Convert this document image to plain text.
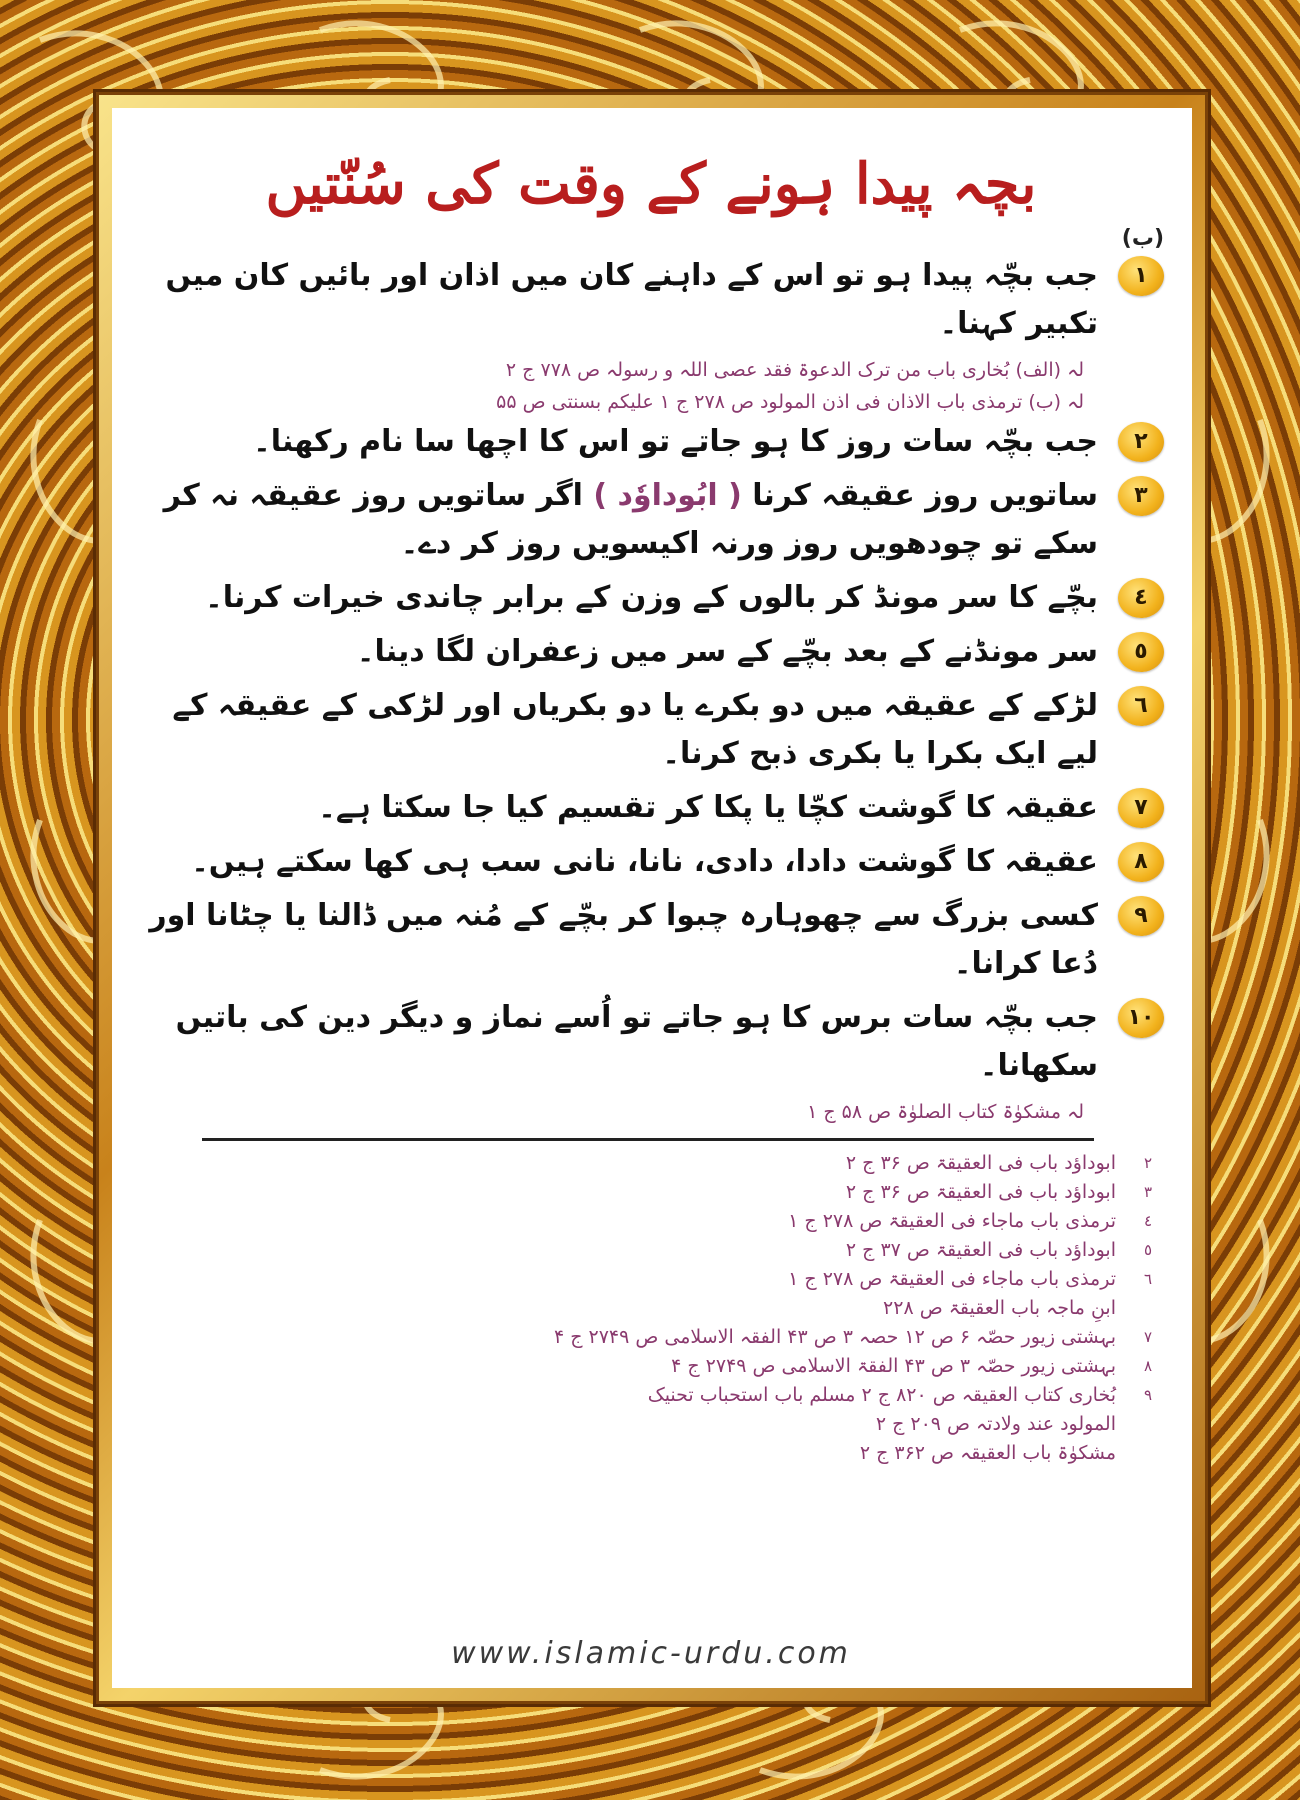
بچہ پیدا ہونے کے وقت کی سُنّتیں
(ب)
١
جب بچّہ پیدا ہو تو اس کے داہنے کان میں اذان اور بائیں کان میں تکبیر کہنا۔
لہ (الف) بُخاری باب من ترک الدعوۃ فقد عصی اللہ و رسولہ ص ۷۷۸ ج ۲
لہ (ب) ترمذی باب الاذان فی اذن المولود ص ۲۷۸ ج ۱ علیکم بسنتی ص ۵۵
٢
جب بچّہ سات روز کا ہو جاتے تو اس کا اچھا سا نام رکھنا۔
٣
ساتویں روز عقیقہ کرنا ( ابُوداوٗد ) اگر ساتویں روز عقیقہ نہ کر سکے تو چودھویں روز ورنہ اکیسویں روز کر دے۔
٤
بچّے کا سر مونڈ کر بالوں کے وزن کے برابر چاندی خیرات کرنا۔
٥
سر مونڈنے کے بعد بچّے کے سر میں زعفران لگا دینا۔
٦
لڑکے کے عقیقہ میں دو بکرے یا دو بکریاں اور لڑکی کے عقیقہ کے لیے ایک بکرا یا بکری ذبح کرنا۔
٧
عقیقہ کا گوشت کچّا یا پکا کر تقسیم کیا جا سکتا ہے۔
٨
عقیقہ کا گوشت دادا، دادی، نانا، نانی سب ہی کھا سکتے ہیں۔
٩
کسی بزرگ سے چھوہارہ چبوا کر بچّے کے مُنہ میں ڈالنا یا چٹانا اور دُعا کرانا۔
١٠
جب بچّہ سات برس کا ہو جاتے تو اُسے نماز و دیگر دین کی باتیں سکھانا۔
لہ مشکوٰۃ کتاب الصلوٰۃ ص ۵۸ ج ۱
٢
ابوداؤد باب فی العقیقۃ ص ۳۶ ج ۲
٣
ابوداؤد باب فی العقیقۃ ص ۳۶ ج ۲
٤
ترمذی باب ماجاء فی العقیقۃ ص ۲۷۸ ج ۱
٥
ابوداؤد باب فی العقیقۃ ص ۳۷ ج ۲
٦
ترمذی باب ماجاء فی العقیقۃ ص ۲۷۸ ج ۱
ابنِ ماجہ باب العقیقۃ ص ۲۲۸
٧
بہشتی زیور حصّہ ۶ ص ۱۲ حصہ ۳ ص ۴۳ الفقہ الاسلامی ص ۲۷۴۹ ج ۴
٨
بہشتی زیور حصّہ ۳ ص ۴۳ الفقۃ الاسلامی ص ۲۷۴۹ ج ۴
٩
بُخاری کتاب العقیقہ ص ۸۲۰ ج ۲ مسلم باب استحباب تحنیک
المولود عند ولادتہ ص ۲۰۹ ج ۲
مشکوٰۃ باب العقیقہ ص ۳۶۲ ج ۲
www.islamic-urdu.com
